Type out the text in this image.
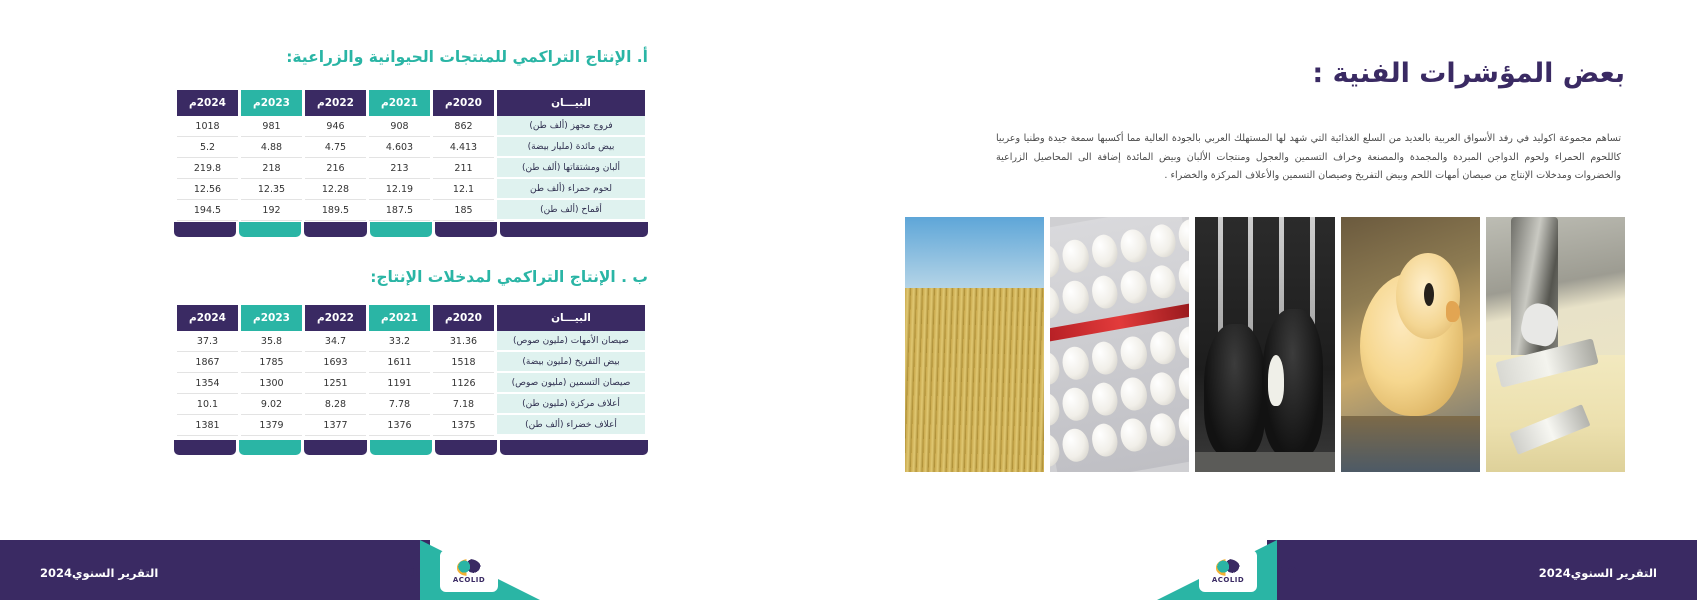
بعض المؤشرات الفنية :
تساهم مجموعة اكوليد في رفد الأسواق العربية بالعديد من السلع الغذائية التي شهد لها المستهلك العربي بالجودة العالية مما أكسبها سمعة جيدة وطنيا وعربيا كاللحوم الحمراء ولحوم الدواجن المبردة والمجمدة والمصنعة وخراف التسمين والعجول ومنتجات الألبان وبيض المائدة إضافة الى المحاصيل الزراعية والخضروات ومدخلات الإنتاج من صيصان أمهات اللحم وبيض التفريخ وصيصان التسمين والأعلاف المركزة والخضراء .
التقرير السنوي2024
40
ACOLID
أ. الإنتاج التراكمي للمنتجات الحيوانية والزراعية:
البيـــان	2020م	2021م	2022م	2023م	2024م
فروج مجهز (ألف طن)	862	908	946	981	1018
بيض مائدة (مليار بيضة)	4.413	4.603	4.75	4.88	5.2
ألبان ومشتقاتها (ألف طن)	211	213	216	218	219.8
لحوم حمراء (ألف طن	12.1	12.19	12.28	12.35	12.56
أقماح (ألف طن)	185	187.5	189.5	192	194.5
ب . الإنتاج التراكمي لمدخلات الإنتاج:
البيـــان	2020م	2021م	2022م	2023م	2024م
صيصان الأمهات (مليون صوص)	31.36	33.2	34.7	35.8	37.3
بيض التفريخ (مليون بيضة)	1518	1611	1693	1785	1867
صيصان التسمين (مليون صوص)	1126	1191	1251	1300	1354
أعلاف مركزة (مليون طن)	7.18	7.78	8.28	9.02	10.1
أعلاف خضراء (ألف طن)	1375	1376	1377	1379	1381
التقرير السنوي2024	41	ACOLID
